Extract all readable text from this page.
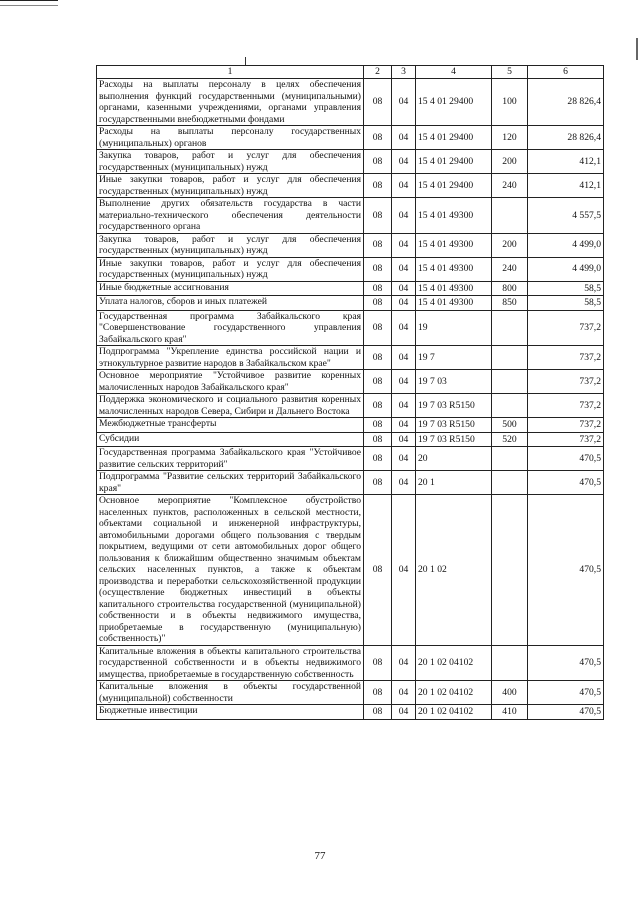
1	2	3	4	5	6
Расходы на выплаты персоналу в целях обеспечения выполнения функций государственными (муниципальными) органами, казенными учреждениями, органами управления государственными внебюджетными фондами	08	04	15 4 01 29400	100	28 826,4
Расходы на выплаты персоналу государственных (муниципальных) органов	08	04	15 4 01 29400	120	28 826,4
Закупка товаров, работ и услуг для обеспечения государственных (муниципальных) нужд	08	04	15 4 01 29400	200	412,1
Иные закупки товаров, работ и услуг для обеспечения государственных (муниципальных) нужд	08	04	15 4 01 29400	240	412,1
Выполнение других обязательств государства в части материально-технического обеспечения деятельности государственного органа	08	04	15 4 01 49300		4 557,5
Закупка товаров, работ и услуг для обеспечения государственных (муниципальных) нужд	08	04	15 4 01 49300	200	4 499,0
Иные закупки товаров, работ и услуг для обеспечения государственных (муниципальных) нужд	08	04	15 4 01 49300	240	4 499,0
Иные бюджетные ассигнования	08	04	15 4 01 49300	800	58,5
Уплата налогов, сборов и иных платежей	08	04	15 4 01 49300	850	58,5
Государственная программа Забайкальского края "Совершенствование государственного управления Забайкальского края"	08	04	19		737,2
Подпрограмма "Укрепление единства российской нации и этнокультурное развитие народов в Забайкальском крае"	08	04	19 7		737,2
Основное мероприятие "Устойчивое развитие коренных малочисленных народов Забайкальского края"	08	04	19 7 03		737,2
Поддержка экономического и социального развития коренных малочисленных народов Севера, Сибири и Дальнего Востока	08	04	19 7 03 R5150		737,2
Межбюджетные трансферты	08	04	19 7 03 R5150	500	737,2
Субсидии	08	04	19 7 03 R5150	520	737,2
Государственная программа Забайкальского края "Устойчивое развитие сельских территорий"	08	04	20		470,5
Подпрограмма "Развитие сельских территорий Забайкальского края"	08	04	20 1		470,5
Основное мероприятие "Комплексное обустройство населенных пунктов, расположенных в сельской местности, объектами социальной и инженерной инфраструктуры, автомобильными дорогами общего пользования с твердым покрытием, ведущими от сети автомобильных дорог общего пользования к ближайшим общественно значимым объектам сельских населенных пунктов, а также к объектам производства и переработки сельскохозяйственной продукции (осуществление бюджетных инвестиций в объекты капитального строительства государственной (муниципальной) собственности и в объекты недвижимого имущества, приобретаемые в государственную (муниципальную) собственность)"	08	04	20 1 02		470,5
Капитальные вложения в объекты капитального строительства государственной собственности и в объекты недвижимого имущества, приобретаемые в государственную собственность	08	04	20 1 02 04102		470,5
Капитальные вложения в объекты государственной (муниципальной) собственности	08	04	20 1 02 04102	400	470,5
Бюджетные инвестиции	08	04	20 1 02 04102	410	470,5
77
